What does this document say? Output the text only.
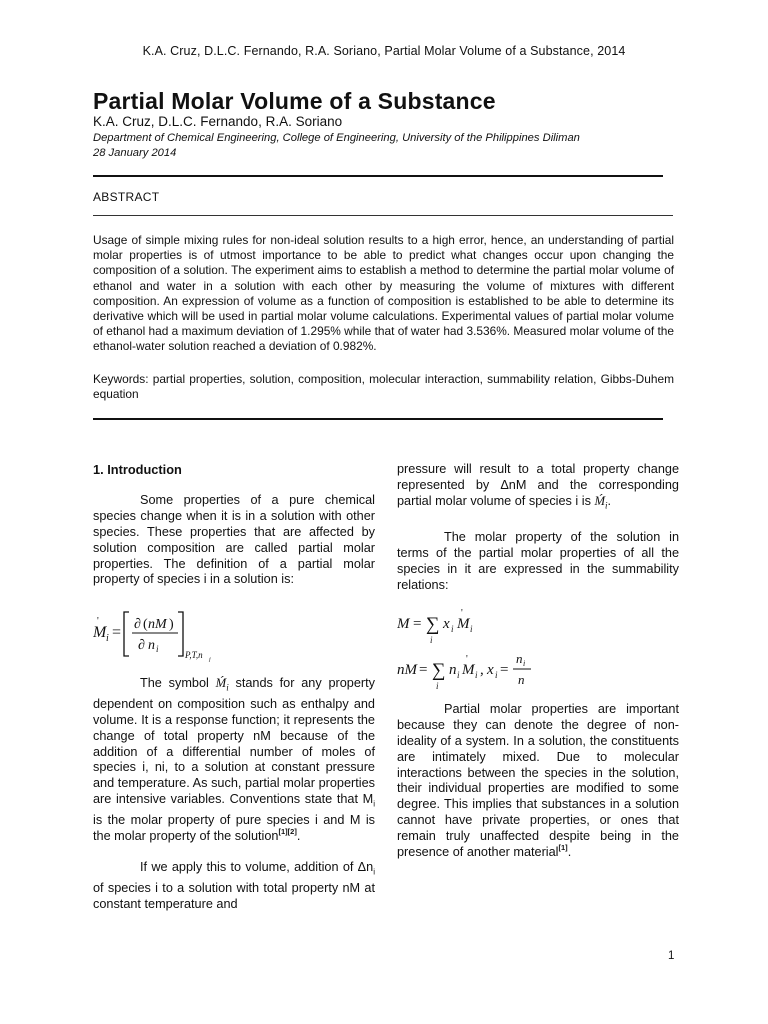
K.A. Cruz, D.L.C. Fernando, R.A. Soriano, Partial Molar Volume of a Substance, 2014
Partial Molar Volume of a Substance
K.A. Cruz, D.L.C. Fernando, R.A. Soriano
Department of Chemical Engineering, College of Engineering, University of the Philippines Diliman
28 January 2014
ABSTRACT

Usage of simple mixing rules for non-ideal solution results to a high error, hence, an understanding of partial molar properties is of utmost importance to be able to predict what changes occur upon changing the composition of a solution. The experiment aims to establish a method to determine the partial molar volume of ethanol and water in a solution with each other by measuring the volume of mixtures with different composition. An expression of volume as a function of composition is established to be able to determine its derivative which will be used in partial molar volume calculations. Experimental values of partial molar volume of ethanol had a maximum deviation of 1.295% while that of water had 3.536%. Measured molar volume of the ethanol-water solution reached a deviation of 0.982%.

Keywords: partial properties, solution, composition, molecular interaction, summability relation, Gibbs-Duhem equation

1. Introduction

Some properties of a pure chemical species change when it is in a solution with other species. These properties that are affected by solution composition are called partial molar properties. The definition of a partial molar property of species i in a solution is:

M
'
i = ∂ ( nM )
∂ n i
P,T,n j

The symbol Ḿ$_i$ stands for any property dependent on composition such as enthalpy and volume. It is a response function; it represents the change of total property nM because of the addition of a differential number of moles of species i, ni, to a solution at constant pressure and temperature. As such, partial molar properties are intensive variables. Conventions state that $M_i$ is the molar property of pure species i and M is the molar property of the solution[1][2].

If we apply this to volume, addition of $\Delta n_i$ of species i to a solution with total property nM at constant temperature and

pressure will result to a total property change represented by ΔnM and the corresponding partial molar volume of species i is Ḿ$_i$.

The molar property of the solution in terms of the partial molar properties of all the species in it are expressed in the summability relations:

M = ∑
i
x i M
'
i
nM = ∑
i
n i M
'
i , x i =
n i
n

Partial molar properties are important because they can denote the degree of non-ideality of a system. In a solution, the constituents are intimately mixed. Due to molecular interactions between the species in the solution, their individual properties are modified to some degree. This implies that substances in a solution cannot have private properties, or ones that remain truly unaffected despite being in the presence of another material[1].

1
